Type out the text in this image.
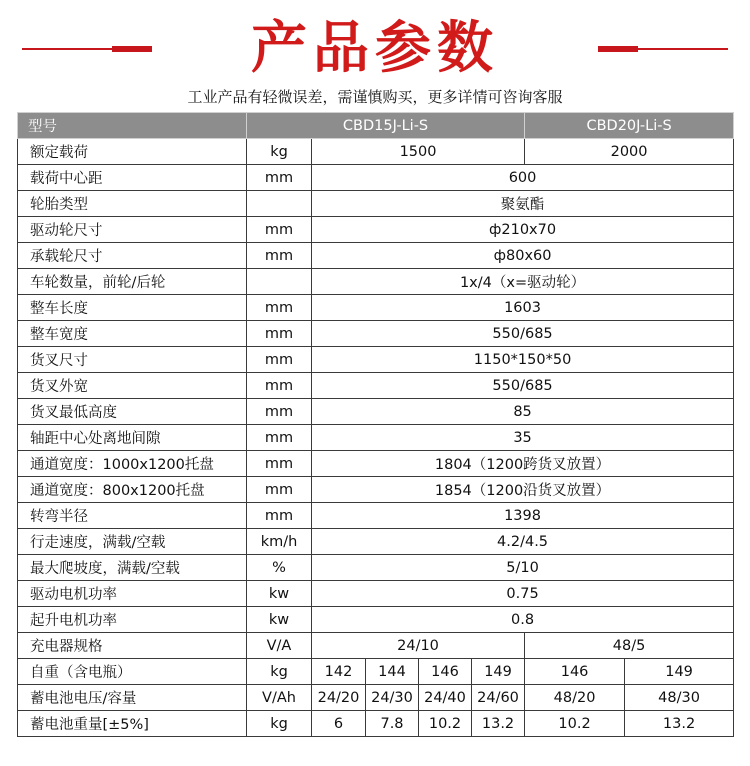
产品参数
工业产品有轻微误差，需谨慎购买，更多详情可咨询客服
型号	CBD15J-Li-S					CBD20J-Li-S	
额定载荷	kg	1500				2000	
载荷中心距	mm	600					
轮胎类型		聚氨酯					
驱动轮尺寸	mm	ф210x70					
承载轮尺寸	mm	ф80x60					
车轮数量，前轮/后轮		1x/4（x=驱动轮）					
整车长度	mm	1603					
整车宽度	mm	550/685					
货叉尺寸	mm	1150*150*50					
货叉外宽	mm	550/685					
货叉最低高度	mm	85					
轴距中心处离地间隙	mm	35					
通道宽度：1000x1200托盘	mm	1804（1200跨货叉放置）					
通道宽度：800x1200托盘	mm	1854（1200沿货叉放置）					
转弯半径	mm	1398					
行走速度，满载/空载	km/h	4.2/4.5					
最大爬坡度，满载/空载	%	5/10					
驱动电机功率	kw	0.75					
起升电机功率	kw	0.8					
充电器规格	V/A	24/10				48/5	
自重（含电瓶）	kg	142	144	146	149	146	149
蓄电池电压/容量	V/Ah	24/20	24/30	24/40	24/60	48/20	48/30
蓄电池重量[±5%]	kg	6	7.8	10.2	13.2	10.2	13.2
